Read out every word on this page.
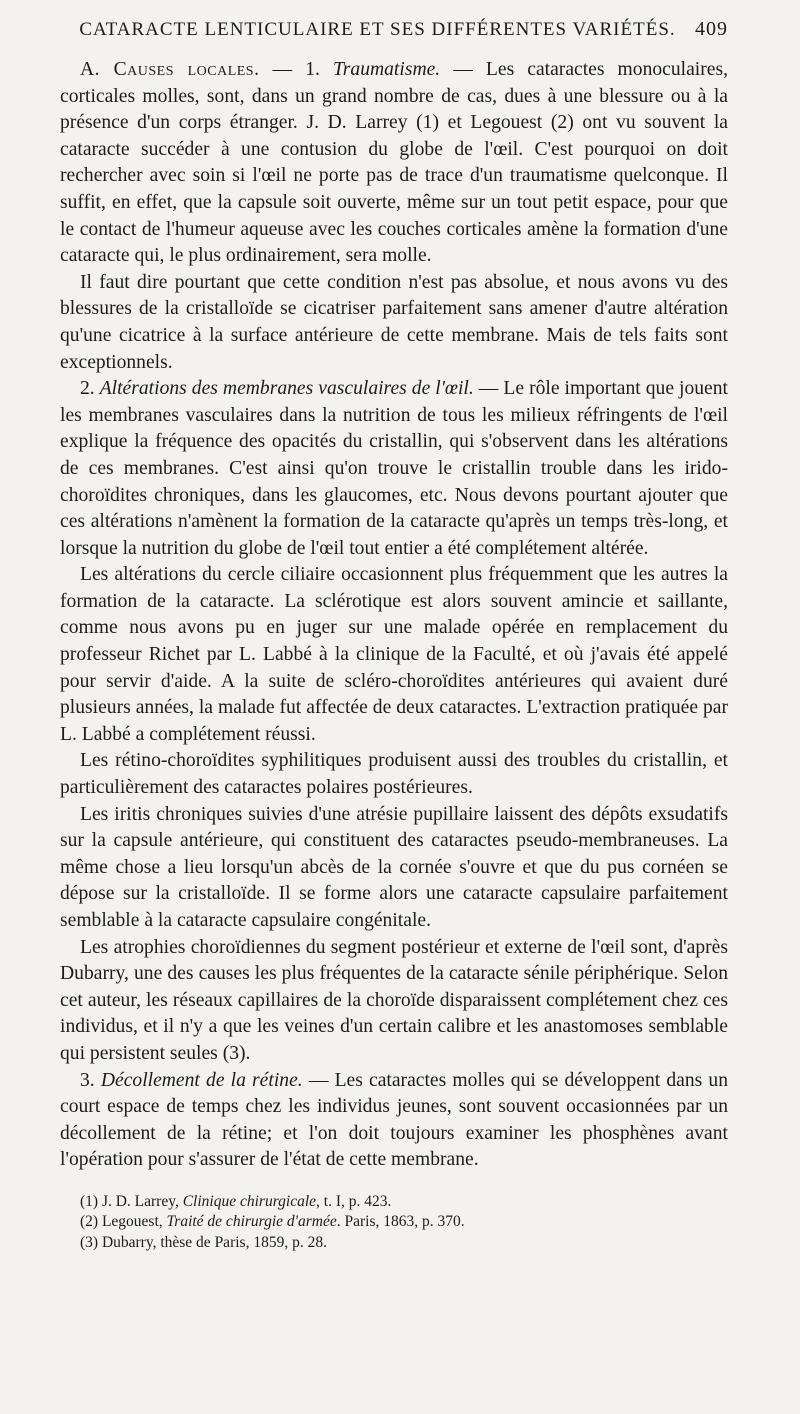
CATARACTE LENTICULAIRE ET SES DIFFÉRENTES VARIÉTÉS. 409

A. Causes locales. — 1. Traumatisme. — Les cataractes monoculaires, corticales molles, sont, dans un grand nombre de cas, dues à une blessure ou à la présence d'un corps étranger. J. D. Larrey (1) et Legouest (2) ont vu souvent la cataracte succéder à une contusion du globe de l'œil. C'est pourquoi on doit rechercher avec soin si l'œil ne porte pas de trace d'un traumatisme quelconque. Il suffit, en effet, que la capsule soit ouverte, même sur un tout petit espace, pour que le contact de l'humeur aqueuse avec les couches corticales amène la formation d'une cataracte qui, le plus ordinairement, sera molle.

Il faut dire pourtant que cette condition n'est pas absolue, et nous avons vu des blessures de la cristalloïde se cicatriser parfaitement sans amener d'autre altération qu'une cicatrice à la surface antérieure de cette membrane. Mais de tels faits sont exceptionnels.

2. Altérations des membranes vasculaires de l'œil. — Le rôle important que jouent les membranes vasculaires dans la nutrition de tous les milieux réfringents de l'œil explique la fréquence des opacités du cristallin, qui s'observent dans les altérations de ces membranes. C'est ainsi qu'on trouve le cristallin trouble dans les irido-choroïdites chroniques, dans les glaucomes, etc. Nous devons pourtant ajouter que ces altérations n'amènent la formation de la cataracte qu'après un temps très-long, et lorsque la nutrition du globe de l'œil tout entier a été complétement altérée.

Les altérations du cercle ciliaire occasionnent plus fréquemment que les autres la formation de la cataracte. La sclérotique est alors souvent amincie et saillante, comme nous avons pu en juger sur une malade opérée en remplacement du professeur Richet par L. Labbé à la clinique de la Faculté, et où j'avais été appelé pour servir d'aide. A la suite de scléro-choroïdites antérieures qui avaient duré plusieurs années, la malade fut affectée de deux cataractes. L'extraction pratiquée par L. Labbé a complétement réussi.

Les rétino-choroïdites syphilitiques produisent aussi des troubles du cristallin, et particulièrement des cataractes polaires postérieures.

Les iritis chroniques suivies d'une atrésie pupillaire laissent des dépôts exsudatifs sur la capsule antérieure, qui constituent des cataractes pseudo-membraneuses. La même chose a lieu lorsqu'un abcès de la cornée s'ouvre et que du pus cornéen se dépose sur la cristalloïde. Il se forme alors une cataracte capsulaire parfaitement semblable à la cataracte capsulaire congénitale.

Les atrophies choroïdiennes du segment postérieur et externe de l'œil sont, d'après Dubarry, une des causes les plus fréquentes de la cataracte sénile périphérique. Selon cet auteur, les réseaux capillaires de la choroïde disparaissent complétement chez ces individus, et il n'y a que les veines d'un certain calibre et les anastomoses semblable qui persistent seules (3).

3. Décollement de la rétine. — Les cataractes molles qui se développent dans un court espace de temps chez les individus jeunes, sont souvent occasionnées par un décollement de la rétine; et l'on doit toujours examiner les phosphènes avant l'opération pour s'assurer de l'état de cette membrane.

(1) J. D. Larrey, Clinique chirurgicale, t. I, p. 423.

(2) Legouest, Traité de chirurgie d'armée. Paris, 1863, p. 370.

(3) Dubarry, thèse de Paris, 1859, p. 28.
